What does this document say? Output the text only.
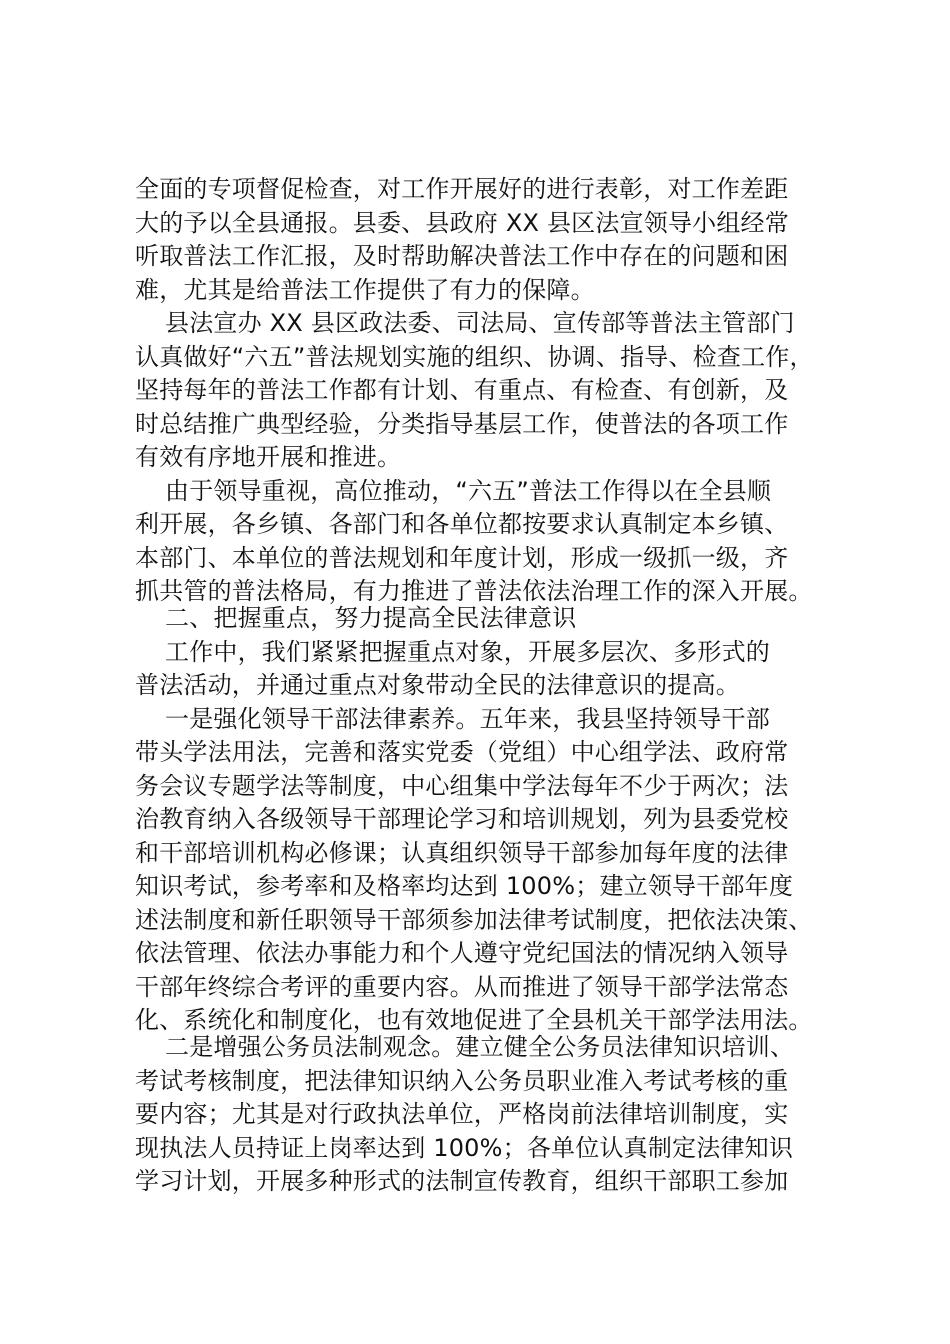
全面的专项督促检查，对工作开展好的进行表彰，对工作差距
大的予以全县通报。县委、县政府 XX 县区法宣领导小组经常
听取普法工作汇报，及时帮助解决普法工作中存在的问题和困
难，尤其是给普法工作提供了有力的保障。
县法宣办 XX 县区政法委、司法局、宣传部等普法主管部门
认真做好“六五”普法规划实施的组织、协调、指导、检查工作，
坚持每年的普法工作都有计划、有重点、有检查、有创新，及
时总结推广典型经验，分类指导基层工作，使普法的各项工作
有效有序地开展和推进。
由于领导重视，高位推动，“六五”普法工作得以在全县顺
利开展，各乡镇、各部门和各单位都按要求认真制定本乡镇、
本部门、本单位的普法规划和年度计划，形成一级抓一级，齐
抓共管的普法格局，有力推进了普法依法治理工作的深入开展。
二、把握重点，努力提高全民法律意识
工作中，我们紧紧把握重点对象，开展多层次、多形式的
普法活动，并通过重点对象带动全民的法律意识的提高。
一是强化领导干部法律素养。五年来，我县坚持领导干部
带头学法用法，完善和落实党委（党组）中心组学法、政府常
务会议专题学法等制度，中心组集中学法每年不少于两次；法
治教育纳入各级领导干部理论学习和培训规划，列为县委党校
和干部培训机构必修课；认真组织领导干部参加每年度的法律
知识考试，参考率和及格率均达到 100%；建立领导干部年度
述法制度和新任职领导干部须参加法律考试制度，把依法决策、
依法管理、依法办事能力和个人遵守党纪国法的情况纳入领导
干部年终综合考评的重要内容。从而推进了领导干部学法常态
化、系统化和制度化，也有效地促进了全县机关干部学法用法。
二是增强公务员法制观念。建立健全公务员法律知识培训、
考试考核制度，把法律知识纳入公务员职业准入考试考核的重
要内容；尤其是对行政执法单位，严格岗前法律培训制度，实
现执法人员持证上岗率达到 100%；各单位认真制定法律知识
学习计划，开展多种形式的法制宣传教育，组织干部职工参加
